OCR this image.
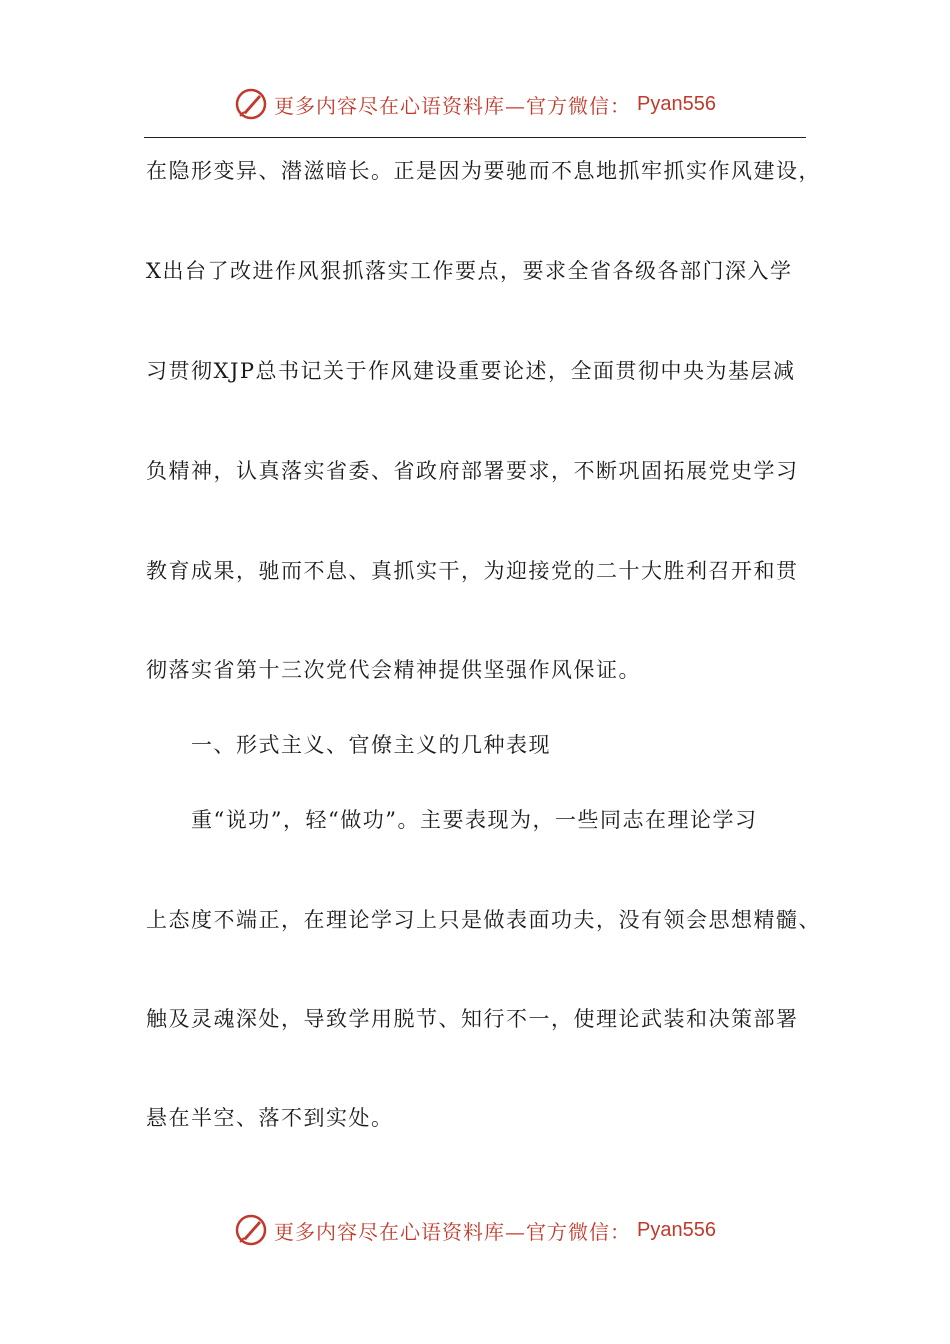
更多内容尽在心语资料库—官方微信： Pyan556
在隐形变异、潜滋暗长。正是因为要驰而不息地抓牢抓实作风建设，
X出台了改进作风狠抓落实工作要点，要求全省各级各部门深入学
习贯彻XJP总书记关于作风建设重要论述，全面贯彻中央为基层减
负精神，认真落实省委、省政府部署要求，不断巩固拓展党史学习
教育成果，驰而不息、真抓实干，为迎接党的二十大胜利召开和贯
彻落实省第十三次党代会精神提供坚强作风保证。
一、形式主义、官僚主义的几种表现
重“说功”，轻“做功”。主要表现为，一些同志在理论学习
上态度不端正，在理论学习上只是做表面功夫，没有领会思想精髓、
触及灵魂深处，导致学用脱节、知行不一，使理论武装和决策部署
悬在半空、落不到实处。
更多内容尽在心语资料库—官方微信： Pyan556
